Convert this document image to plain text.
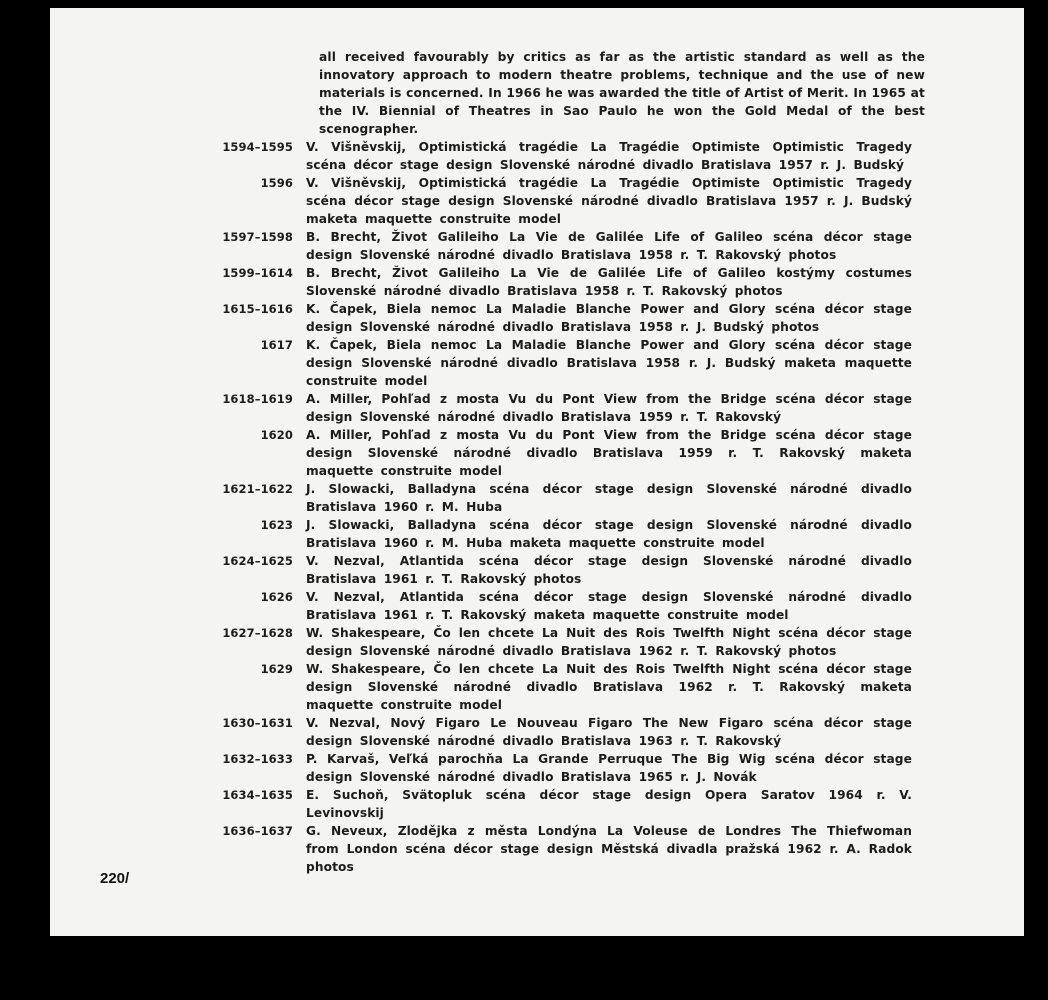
all received favourably by critics as far as the artistic standard as well as the innovatory approach to modern theatre problems, technique and the use of new materials is concerned. In 1966 he was awarded the title of Artist of Merit. In 1965 at the IV. Biennial of Theatres in Sao Paulo he won the Gold Medal of the best scenographer.
1594–1595	V. Višněvskij, Optimistická tragédie La Tragédie Optimiste Optimistic Tragedy scéna décor stage design Slovenské národné divadlo Bratislava 1957 r. J. Budský
1596	V. Višněvskij, Optimistická tragédie La Tragédie Optimiste Optimistic Tragedy scéna décor stage design Slovenské národné divadlo Bratislava 1957 r. J. Budský maketa maquette construite model
1597–1598	B. Brecht, Život Galileiho La Vie de Galilée Life of Galileo scéna décor stage design Slovenské národné divadlo Bratislava 1958 r. T. Rakovský photos
1599–1614	B. Brecht, Život Galileiho La Vie de Galilée Life of Galileo kostýmy costumes Slovenské národné divadlo Bratislava 1958 r. T. Rakovský photos
1615–1616	K. Čapek, Biela nemoc La Maladie Blanche Power and Glory scéna décor stage design Slovenské národné divadlo Bratislava 1958 r. J. Budský photos
1617	K. Čapek, Biela nemoc La Maladie Blanche Power and Glory scéna décor stage design Slovenské národné divadlo Bratislava 1958 r. J. Budský maketa maquette construite model
1618–1619	A. Miller, Pohľad z mosta Vu du Pont View from the Bridge scéna décor stage design Slovenské národné divadlo Bratislava 1959 r. T. Rakovský
1620	A. Miller, Pohľad z mosta Vu du Pont View from the Bridge scéna décor stage design Slovenské národné divadlo Bratislava 1959 r. T. Rakovský maketa maquette construite model
1621–1622	J. Slowacki, Balladyna scéna décor stage design Slovenské národné divadlo Bratislava 1960 r. M. Huba
1623	J. Slowacki, Balladyna scéna décor stage design Slovenské národné divadlo Bratislava 1960 r. M. Huba maketa maquette construite model
1624–1625	V. Nezval, Atlantida scéna décor stage design Slovenské národné divadlo Bratislava 1961 r. T. Rakovský photos
1626	V. Nezval, Atlantida scéna décor stage design Slovenské národné divadlo Bratislava 1961 r. T. Rakovský maketa maquette construite model
1627–1628	W. Shakespeare, Čo len chcete La Nuit des Rois Twelfth Night scéna décor stage design Slovenské národné divadlo Bratislava 1962 r. T. Rakovský photos
1629	W. Shakespeare, Čo len chcete La Nuit des Rois Twelfth Night scéna décor stage design Slovenské národné divadlo Bratislava 1962 r. T. Rakovský maketa maquette construite model
1630–1631	V. Nezval, Nový Figaro Le Nouveau Figaro The New Figaro scéna décor stage design Slovenské národné divadlo Bratislava 1963 r. T. Rakovský
1632–1633	P. Karvaš, Veľká parochňa La Grande Perruque The Big Wig scéna décor stage design Slovenské národné divadlo Bratislava 1965 r. J. Novák
1634–1635	E. Suchoň, Svätopluk scéna décor stage design Opera Saratov 1964 r. V. Levinovskij
1636–1637	G. Neveux, Zlodějka z města Londýna La Voleuse de Londres The Thiefwoman from London scéna décor stage design Městská divadla pražská 1962 r. A. Radok photos
220/
